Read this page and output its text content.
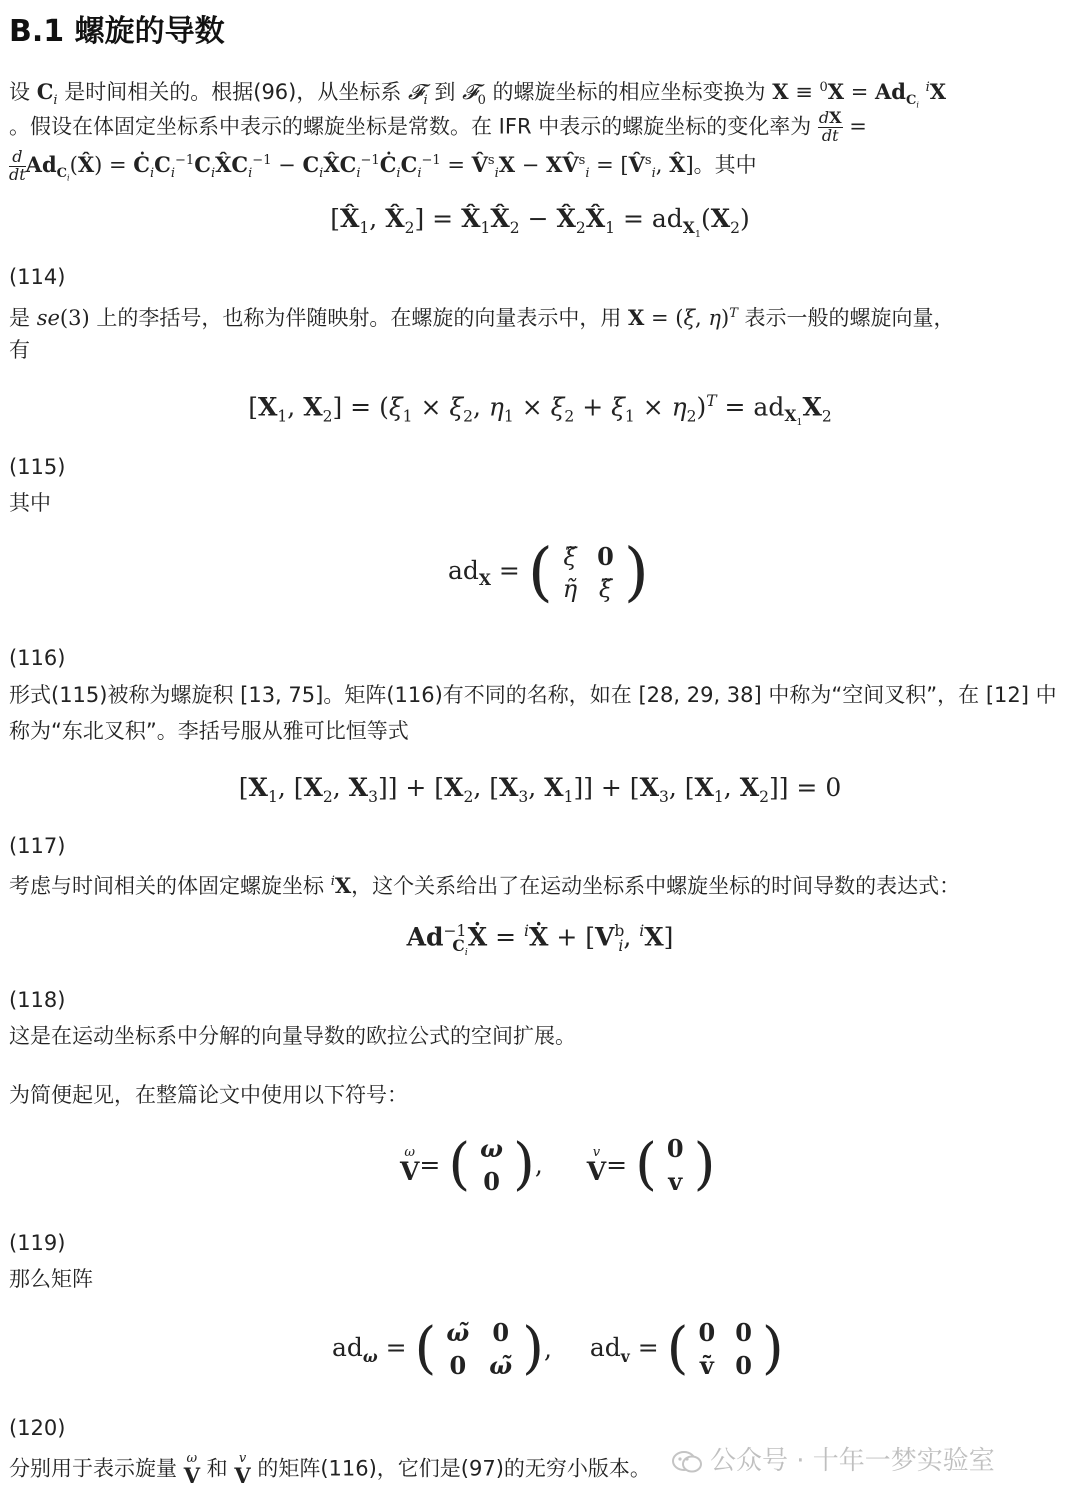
B.1 螺旋的导数
设 $C_i$ 是时间相关的。根据(96)，从坐标系 𝓕$_i$ 到 𝓕$_0$ 的螺旋坐标的相应坐标变换为 $X \equiv ^0X = Ad_{C_i}$ $^i$X
。假设在体固定坐标系中表示的螺旋坐标是常数。在 IFR 中表示的螺旋坐标的变化率为 $\frac{dX}{dt}$ =
$\frac{d}{dt}Ad_{C_i}(X̂)$ = $Ċ_iC_i^{-1}C_iX̂C_i^{-1}$ − $C_iX̂C_i^{-1}Ċ_iC_i^{-1}$ = V̂$^s_i$X − XV̂$^s_i$ = [V̂$^s_i$, X̂]。其中
[$X̂_1$, $X̂_2$] = $X̂_1X̂_2$ − $X̂_2X̂_1 = ad_{X_1}(X_2)$
(114)
是 se(3) 上的李括号，也称为伴随映射。在螺旋的向量表示中，用 X = (ξ, η)$^T$ 表示一般的螺旋向量，
有
[$X_1$, $X_2] = (\xi_1 \times \xi_2$, $\eta_1 \times \xi_2 + \xi_1 \times \eta_2)^T = ad_{X_1}X_2$
(115)
其中
$ad_X$ = ( ξ̃	0
η̃	ξ̃ )
(116)
形式(115)被称为螺旋积 [13, 75]。矩阵(116)有不同的名称，如在 [28, 29, 38] 中称为“空间叉积”，在 [12] 中
称为“东北叉积”。李括号服从雅可比恒等式
[$X_1$, [$X_2$, $X_3]] + [X_2$, [$X_3$, $X_1]] + [X_3$, [$X_1$, $X_2]] = 0$
(117)
考虑与时间相关的体固定螺旋坐标 $^i$X，这个关系给出了在运动坐标系中螺旋坐标的时间导数的表达式：
$Ad^{-1}_{C_i}Ẋ$ = $^i$Ẋ + [$V^b_i$, $^i$X]
(118)
这是在运动坐标系中分解的向量导数的欧拉公式的空间扩展。
为简便起见，在整篇论文中使用以下符号：
ω
V= ( ω
0 ),	v
V= ( 0
v )
(119)
那么矩阵
$ad_\omega$ = ( ω̃	0
0	ω̃ ), $ad_v$ = ( 0	0
ṽ	0 )
(120)
分别用于表示旋量 ω
V 和 v
V 的矩阵(116)，它们是(97)的无穷小版本。	公众号 · 十年一梦实验室
